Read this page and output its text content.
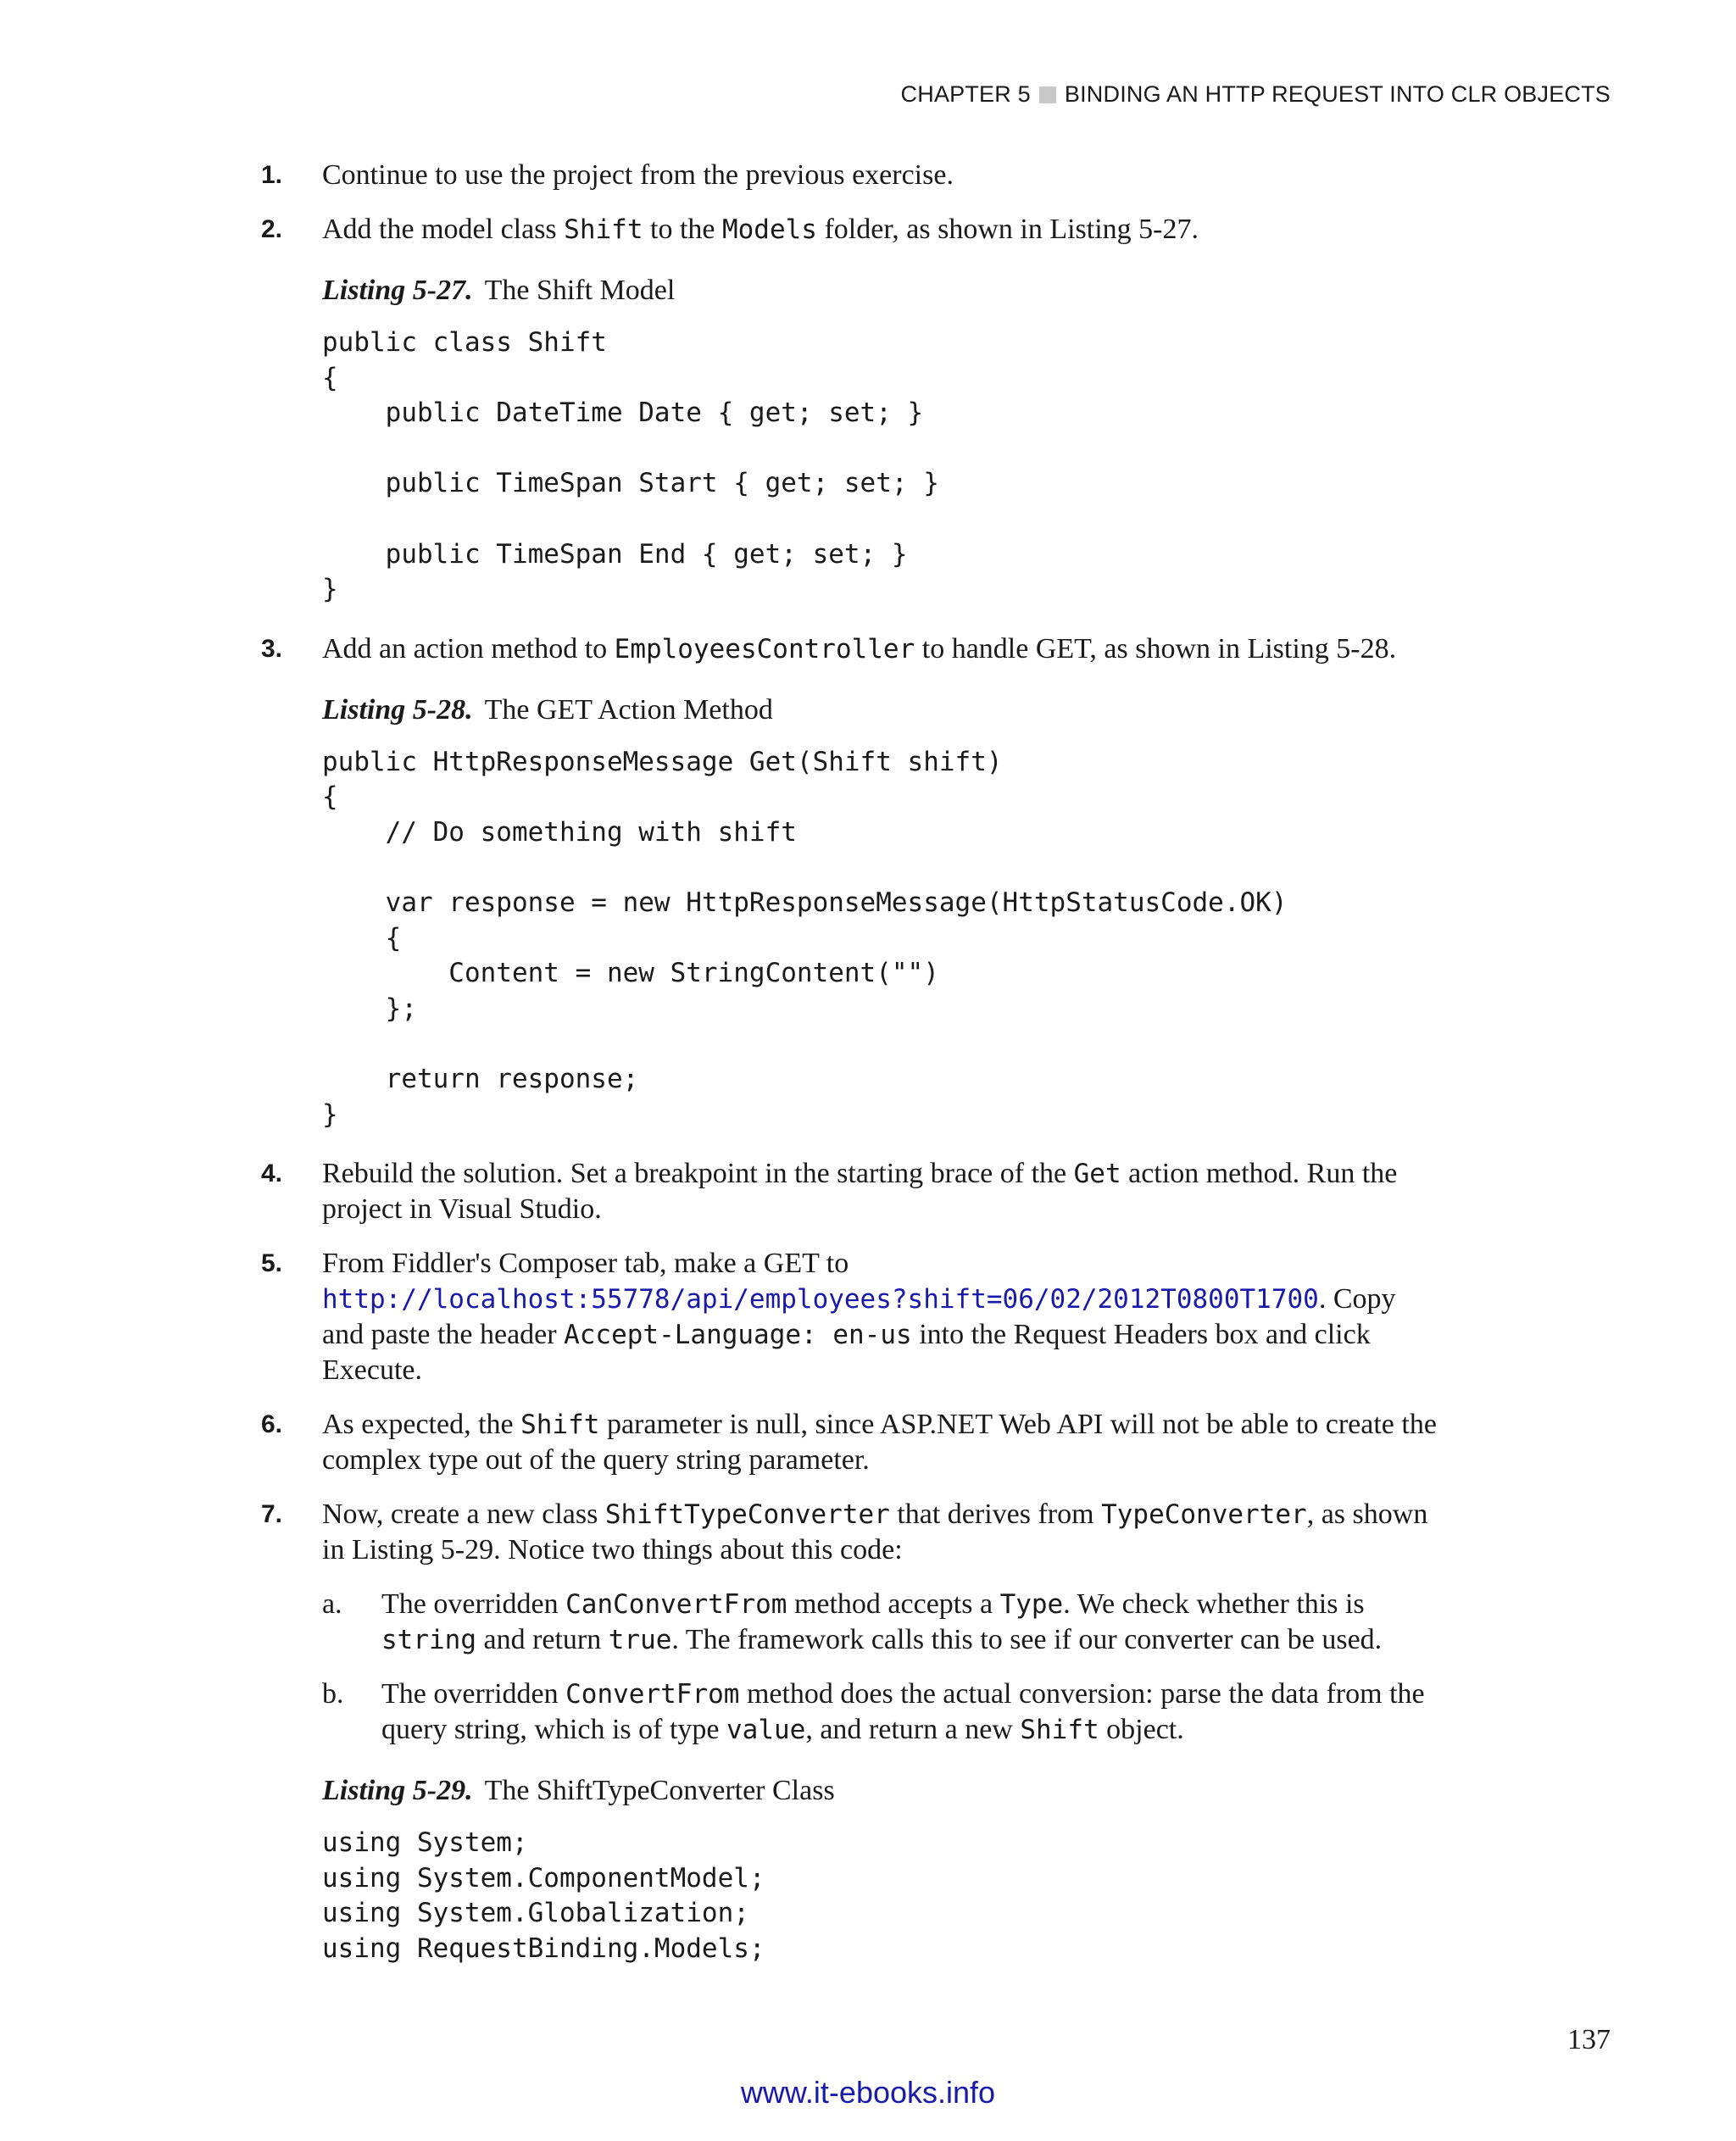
CHAPTER 5 BINDING AN HTTP REQUEST INTO CLR OBJECTS
1. Continue to use the project from the previous exercise.
2. Add the model class Shift to the Models folder, as shown in Listing 5-27.
Listing 5-27. The Shift Model
public class Shift
{
public DateTime Date { get; set; }

public TimeSpan Start { get; set; }

public TimeSpan End { get; set; }
}
3. Add an action method to EmployeesController to handle GET, as shown in Listing 5-28.
Listing 5-28. The GET Action Method
public HttpResponseMessage Get(Shift shift)
{
// Do something with shift

var response = new HttpResponseMessage(HttpStatusCode.OK)
{
Content = new StringContent("")
};

return response;
}
4. Rebuild the solution. Set a breakpoint in the starting brace of the Get action method. Run the project in Visual Studio.
5. From Fiddler's Composer tab, make a GET to http://localhost:55778/api/employees?shift=06/02/2012T0800T1700. Copy and paste the header Accept-Language: en-us into the Request Headers box and click Execute.
6. As expected, the Shift parameter is null, since ASP.NET Web API will not be able to create the complex type out of the query string parameter.
7. Now, create a new class ShiftTypeConverter that derives from TypeConverter, as shown in Listing 5-29. Notice two things about this code:
a. The overridden CanConvertFrom method accepts a Type. We check whether this is string and return true. The framework calls this to see if our converter can be used.
b. The overridden ConvertFrom method does the actual conversion: parse the data from the query string, which is of type value, and return a new Shift object.
Listing 5-29. The ShiftTypeConverter Class
using System;
using System.ComponentModel;
using System.Globalization;
using RequestBinding.Models;
137
www.it-ebooks.info
